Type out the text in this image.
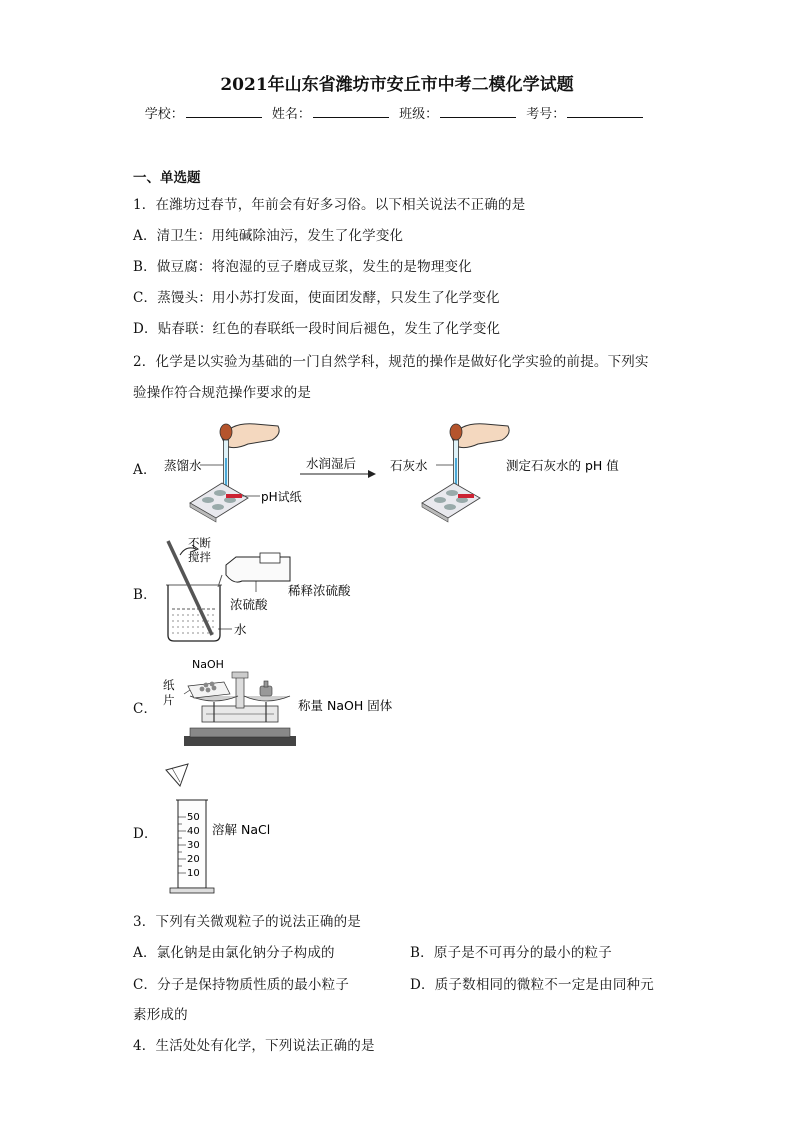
2021年山东省潍坊市安丘市中考二模化学试题
学校：	姓名：	班级：	考号：
一、单选题
1．在潍坊过春节，年前会有好多习俗。以下相关说法不正确的是
A．清卫生：用纯碱除油污，发生了化学变化
B．做豆腐：将泡湿的豆子磨成豆浆，发生的是物理变化
C．蒸馒头：用小苏打发面，使面团发酵，只发生了化学变化
D．贴春联：红色的春联纸一段时间后褪色，发生了化学变化
2．化学是以实验为基础的一门自然学科，规范的操作是做好化学实验的前提。下列实
验操作符合规范操作要求的是
A． 蒸馏水
pH试纸
水润湿后	石灰水	测定石灰水的 pH 值
B．
不断
搅拌
稀释浓硫酸
浓硫酸
水
C．
NaOH
纸
片	称量 NaOH 固体
D．
50
40
30
20
10
溶解 NaCl
3．下列有关微观粒子的说法正确的是
A．氯化钠是由氯化钠分子构成的	B．原子是不可再分的最小的粒子
C．分子是保持物质性质的最小粒子	D．质子数相同的微粒不一定是由同种元
素形成的
4．生活处处有化学，下列说法正确的是
